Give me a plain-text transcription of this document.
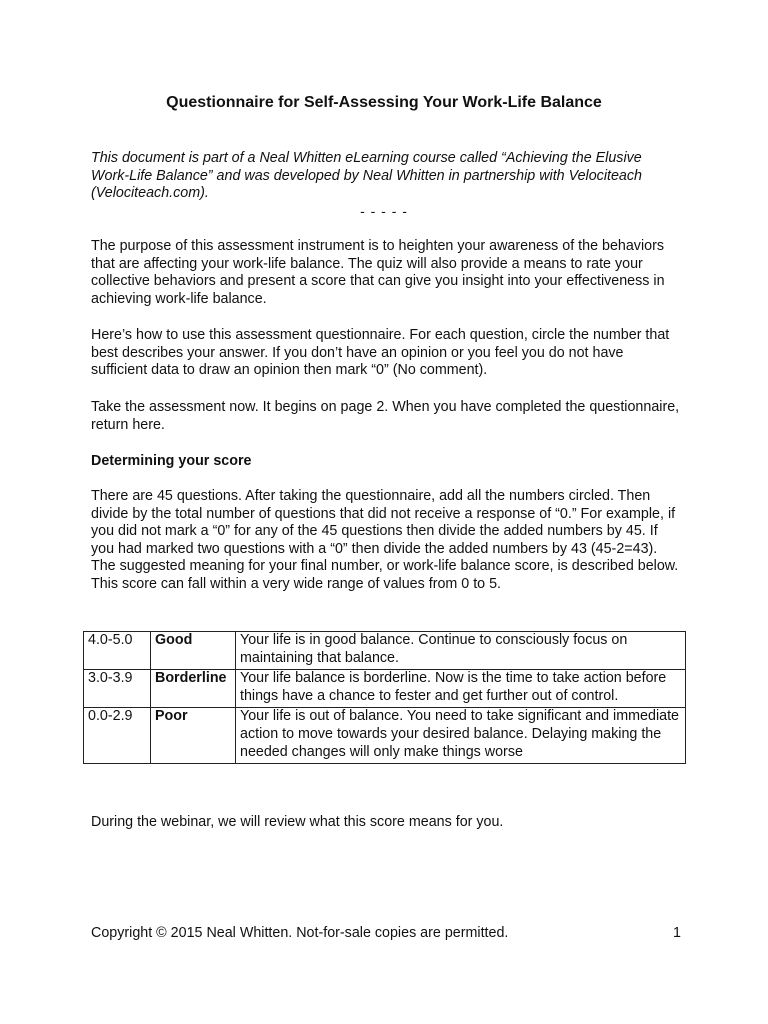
Questionnaire for Self-Assessing Your Work-Life Balance
This document is part of a Neal Whitten eLearning course called “Achieving the Elusive Work-Life Balance” and was developed by Neal Whitten in partnership with Velociteach (Velociteach.com).
- - - - -
The purpose of this assessment instrument is to heighten your awareness of the behaviors that are affecting your work-life balance. The quiz will also provide a means to rate your collective behaviors and present a score that can give you insight into your effectiveness in achieving work-life balance.
Here’s how to use this assessment questionnaire. For each question, circle the number that best describes your answer. If you don’t have an opinion or you feel you do not have sufficient data to draw an opinion then mark “0” (No comment).
Take the assessment now. It begins on page 2. When you have completed the questionnaire, return here.
Determining your score
There are 45 questions. After taking the questionnaire, add all the numbers circled. Then divide by the total number of questions that did not receive a response of “0.” For example, if you did not mark a “0” for any of the 45 questions then divide the added numbers by 45. If you had marked two questions with a “0” then divide the added numbers by 43 (45-2=43). The suggested meaning for your final number, or work-life balance score, is described below. This score can fall within a very wide range of values from 0 to 5.
4.0-5.0	Good	Your life is in good balance. Continue to consciously focus on maintaining that balance.
3.0-3.9	Borderline	Your life balance is borderline. Now is the time to take action before things have a chance to fester and get further out of control.
0.0-2.9	Poor	Your life is out of balance. You need to take significant and immediate action to move towards your desired balance. Delaying making the needed changes will only make things worse
During the webinar, we will review what this score means for you.
Copyright © 2015 Neal Whitten. Not-for-sale copies are permitted.	1
